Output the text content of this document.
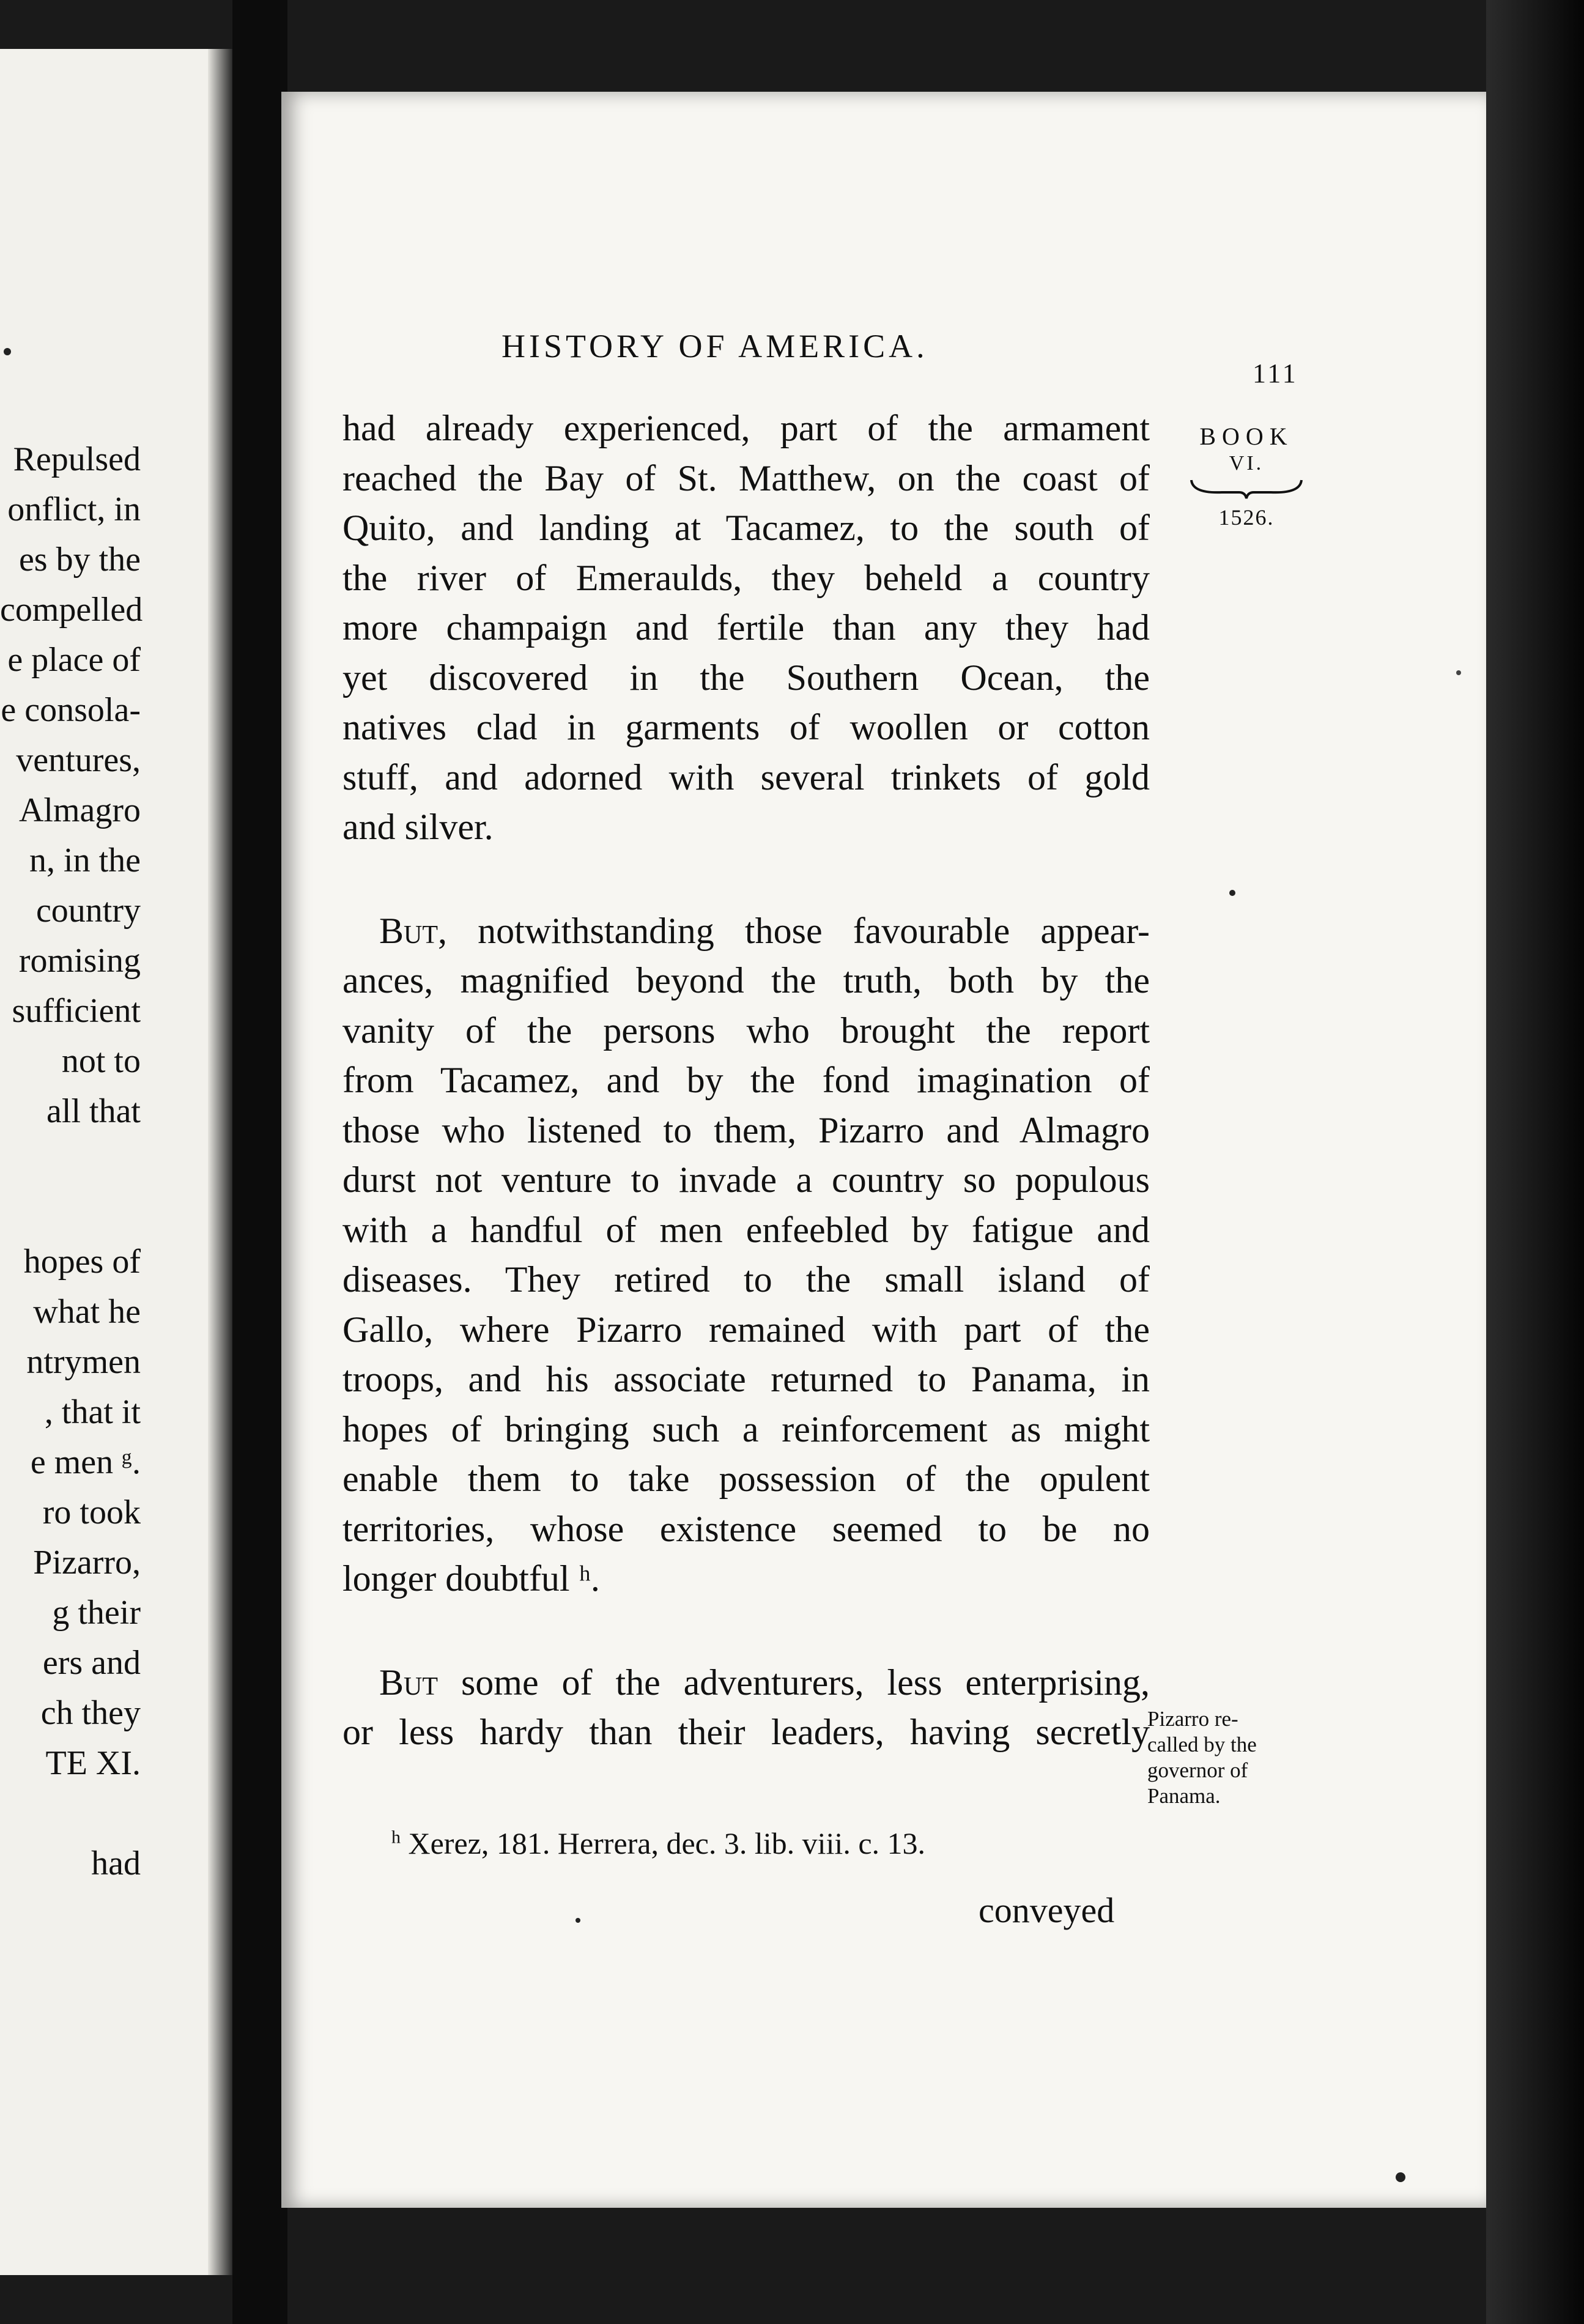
Repulsed
onflict, in
es by the
compelled
e place of
e consola-
ventures,
Almagro
n, in the
country
romising
sufficient
not to
all that
hopes of
what he
ntrymen
, that it
e men ᵍ.
ro took
Pizarro,
g their
ers and
ch they
TE XI.
had
HISTORY OF AMERICA.
111
BOOK
VI.
1526.
had already experienced, part of the armament
reached the Bay of St. Matthew, on the coast of
Quito, and landing at Tacamez, to the south of
the river of Emeraulds, they beheld a country
more champaign and fertile than any they had
yet discovered in the Southern Ocean, the
natives clad in garments of woollen or cotton
stuff, and adorned with several trinkets of gold
and silver.
But, notwithstanding those favourable appear-
ances, magnified beyond the truth, both by the
vanity of the persons who brought the report
from Tacamez, and by the fond imagination of
those who listened to them, Pizarro and Almagro
durst not venture to invade a country so populous
with a handful of men enfeebled by fatigue and
diseases. They retired to the small island of
Gallo, where Pizarro remained with part of the
troops, and his associate returned to Panama, in
hopes of bringing such a reinforcement as might
enable them to take possession of the opulent
territories, whose existence seemed to be no
longer doubtful ʰ.
But some of the adventurers, less enterprising,
or less hardy than their leaders, having secretly
Pizarro re-
called by the
governor of
Panama.
$^h$ Xerez, 181. Herrera, dec. 3. lib. viii. c. 13.
conveyed
